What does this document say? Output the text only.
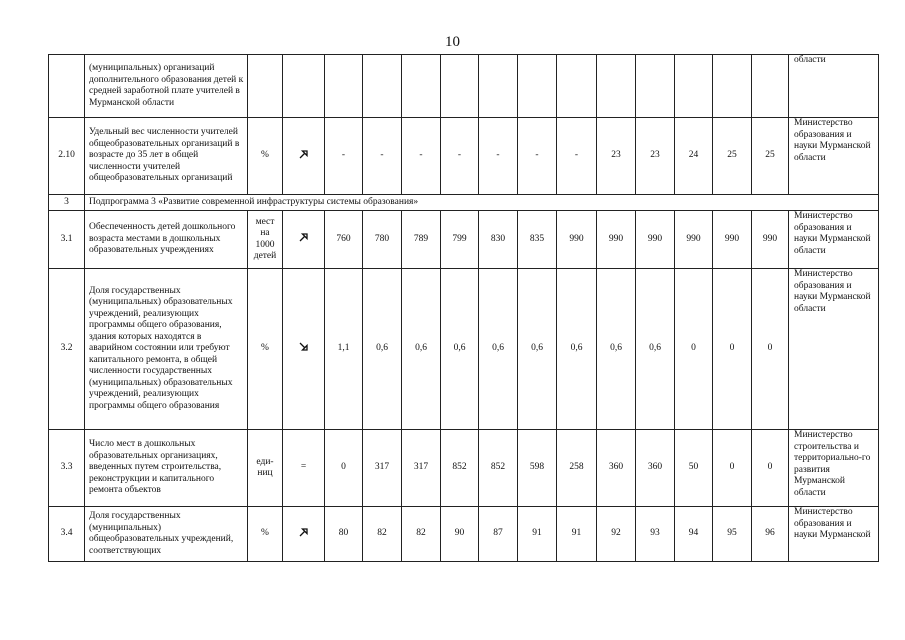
10
	(муниципальных) организаций дополнительного образования детей к средней заработной плате учителей в Мурманской области															области
2.10	Удельный вес численности учителей общеобразовательных организаций в возрасте до 35 лет в общей численности учителей общеобразовательных организаций	%		-	-	-	-	-	-	-	23	23	24	25	25	Министерство образования и науки Мурманской области
3	Подпрограмма 3 «Развитие современной инфраструктуры системы образования»															
3.1	Обеспеченность детей дошкольного возраста местами в дошкольных образовательных учреждениях	мест на 1000 детей		760	780	789	799	830	835	990	990	990	990	990	990	Министерство образования и науки Мурманской области
3.2	Доля государственных (муниципальных) образовательных учреждений, реализующих программы общего образования, здания которых находятся в аварийном состоянии или требуют капитального ремонта, в общей численности государственных (муниципальных) образовательных учреждений, реализующих программы общего образования	%		1,1	0,6	0,6	0,6	0,6	0,6	0,6	0,6	0,6	0	0	0	Министерство образования и науки Мурманской области
3.3	Число мест в дошкольных образовательных организациях, введенных путем строительства, реконструкции и капитального ремонта объектов	еди-ниц	=	0	317	317	852	852	598	258	360	360	50	0	0	Министерство строительства и территориально-го развития Мурманской области
3.4	Доля государственных (муниципальных) общеобразовательных учреждений, соответствующих	%		80	82	82	90	87	91	91	92	93	94	95	96	Министерство образования и науки Мурманской
